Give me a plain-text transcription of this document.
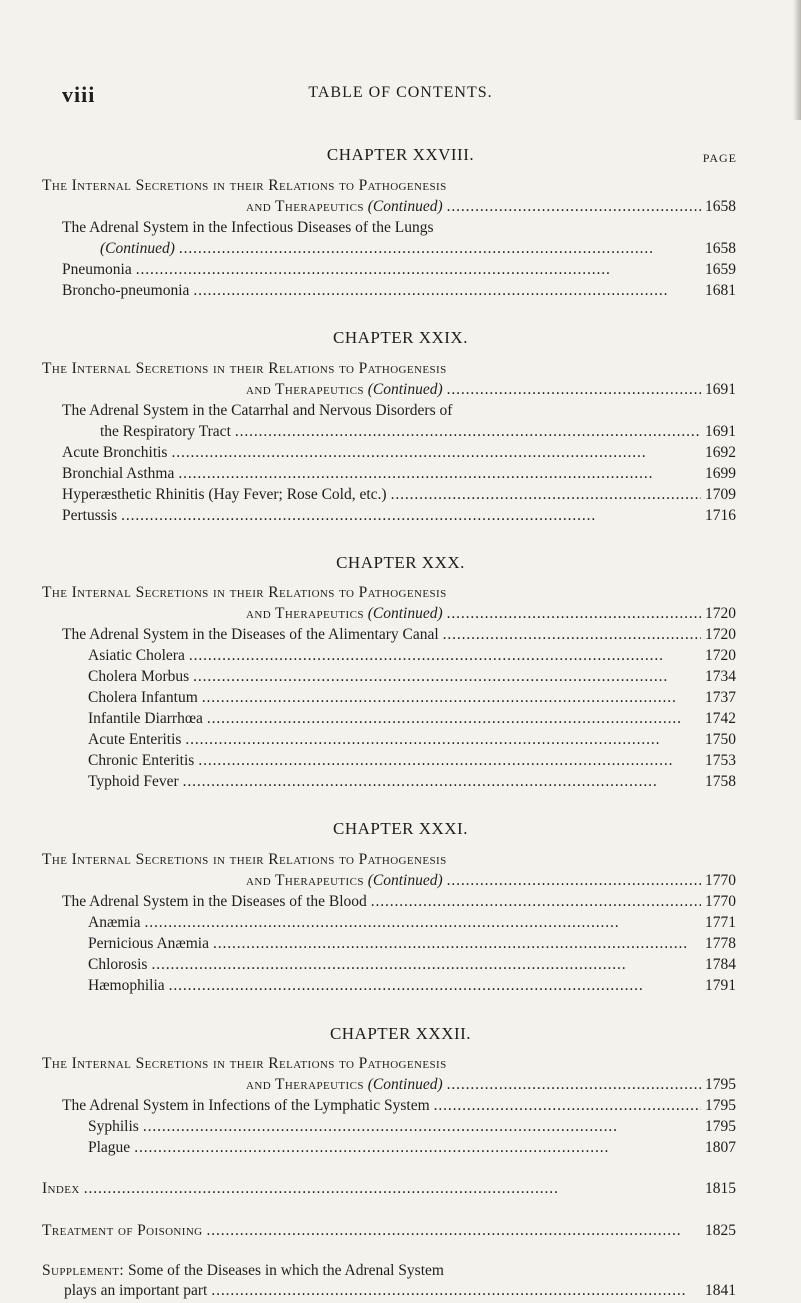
viii	TABLE OF CONTENTS.
CHAPTER XXVIII.	PAGE
The Internal Secretions in their Relations to Pathogenesis
and Therapeutics
(Continued) . . .	1658
The Adrenal System in the Infectious Diseases of the Lungs
(Continued) . . .	1658
Pneumonia . . .	1659
Broncho-pneumonia . . .	1681
CHAPTER XXIX.
The Internal Secretions in their Relations to Pathogenesis
and Therapeutics
(Continued) . . .	1691
The Adrenal System in the Catarrhal and Nervous Disorders of
the Respiratory Tract . . .	1691
Acute Bronchitis . . .	1692
Bronchial Asthma . . .	1699
Hyperæsthetic Rhinitis (Hay Fever; Rose Cold, etc.) . . .	1709
Pertussis . . .	1716
CHAPTER XXX.
The Internal Secretions in their Relations to Pathogenesis
and Therapeutics
(Continued) . . .	1720
The Adrenal System in the Diseases of the Alimentary Canal . . .	1720
Asiatic Cholera . . .	1720
Cholera Morbus . . .	1734
Cholera Infantum . . .	1737
Infantile Diarrhœa . . .	1742
Acute Enteritis . . .	1750
Chronic Enteritis . . .	1753
Typhoid Fever . . .	1758
CHAPTER XXXI.
The Internal Secretions in their Relations to Pathogenesis
and Therapeutics
(Continued) . . .	1770
The Adrenal System in the Diseases of the Blood . . .	1770
Anæmia . . .	1771
Pernicious Anæmia . . .	1778
Chlorosis . . .	1784
Hæmophilia . . .	1791
CHAPTER XXXII.
The Internal Secretions in their Relations to Pathogenesis
and Therapeutics
(Continued) . . .	1795
The Adrenal System in Infections of the Lymphatic System . . .	1795
Syphilis . . .	1795
Plague . . .	1807
Index . . .	1815
Treatment of Poisoning . . .	1825
Supplement: Some of the Diseases in which the Adrenal System
plays an important part . . .	1841
